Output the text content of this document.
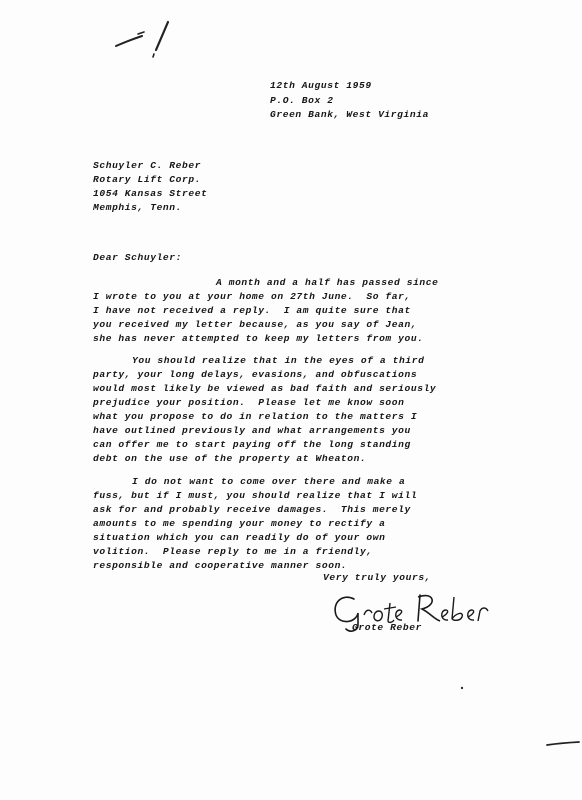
12th August 1959
P.O. Box 2
Green Bank, West Virginia
Schuyler C. Reber
Rotary Lift Corp.
1054 Kansas Street
Memphis, Tenn.
Dear Schuyler:
A month and a half has passed since
I wrote to you at your home on 27th June.  So far,
I have not received a reply.  I am quite sure that
you received my letter because, as you say of Jean,
she has never attempted to keep my letters from you.
You should realize that in the eyes of a third
party, your long delays, evasions, and obfuscations
would most likely be viewed as bad faith and seriously
prejudice your position.  Please let me know soon
what you propose to do in relation to the matters I
have outlined previously and what arrangements you
can offer me to start paying off the long standing
debt on the use of the property at Wheaton.
I do not want to come over there and make a
fuss, but if I must, you should realize that I will
ask for and probably receive damages.  This merely
amounts to me spending your money to rectify a
situation which you can readily do of your own
volition.  Please reply to me in a friendly,
responsible and cooperative manner soon.
Very truly yours,
Grote Reber
